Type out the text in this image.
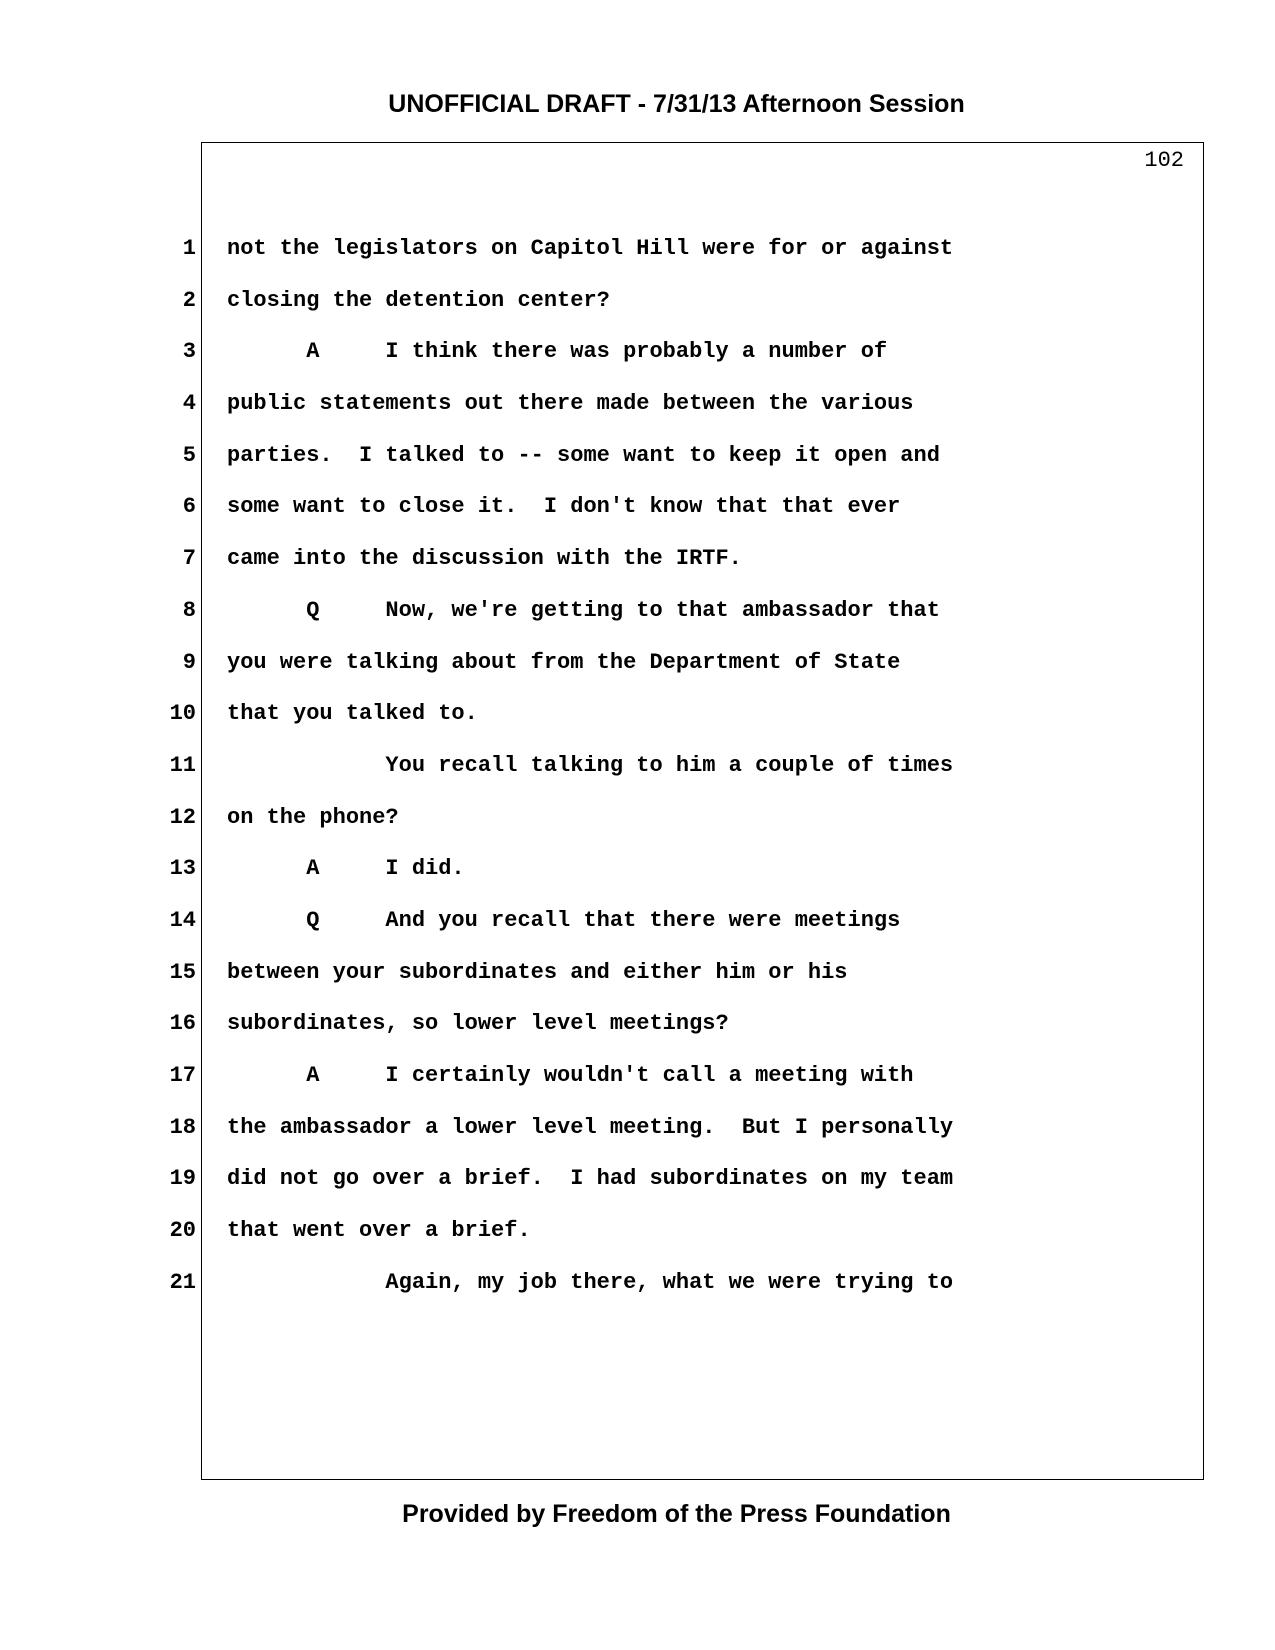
UNOFFICIAL DRAFT - 7/31/13 Afternoon Session
102
1 not the legislators on Capitol Hill were for or against
2 closing the detention center?
3 A     I think there was probably a number of
4 public statements out there made between the various
5 parties.  I talked to -- some want to keep it open and
6 some want to close it.  I don't know that that ever
7 came into the discussion with the IRTF.
8 Q     Now, we're getting to that ambassador that
9 you were talking about from the Department of State
10 that you talked to.
11 You recall talking to him a couple of times
12 on the phone?
13 A     I did.
14 Q     And you recall that there were meetings
15 between your subordinates and either him or his
16 subordinates, so lower level meetings?
17 A     I certainly wouldn't call a meeting with
18 the ambassador a lower level meeting.  But I personally
19 did not go over a brief.  I had subordinates on my team
20 that went over a brief.
21 Again, my job there, what we were trying to
Provided by Freedom of the Press Foundation
